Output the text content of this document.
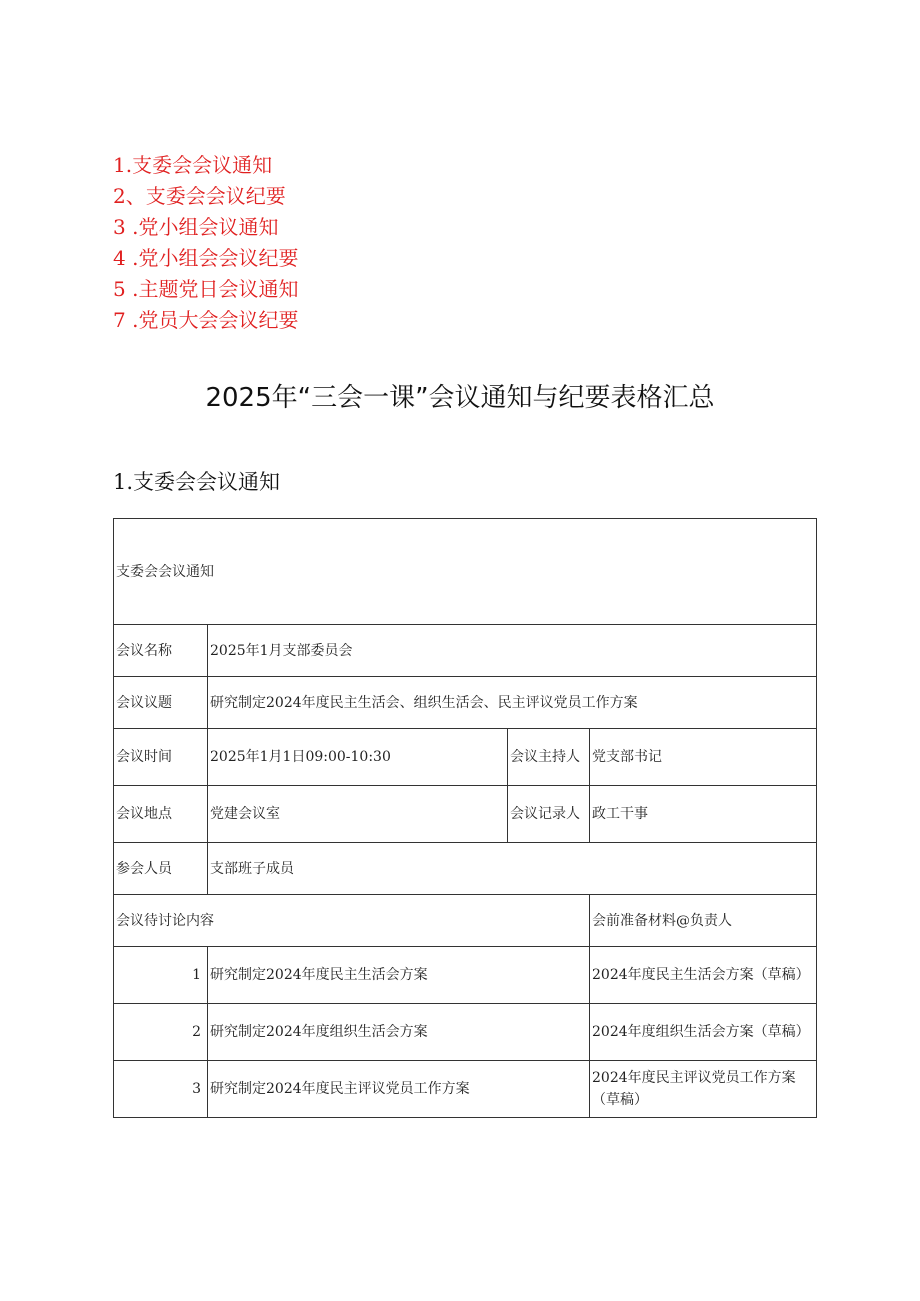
1.支委会会议通知
2、支委会会议纪要
3 .党小组会议通知
4 .党小组会会议纪要
5 .主题党日会议通知
7 .党员大会会议纪要
2025年“三会一课”会议通知与纪要表格汇总
1.支委会会议通知
支委会会议通知			
会议名称	2025年1月支部委员会		
会议议题	研究制定2024年度民主生活会、组织生活会、民主评议党员工作方案		
会议时间	2025年1月1日09:00-10:30	会议主持人	党支部书记
会议地点	党建会议室	会议记录人	政工干事
参会人员	支部班子成员		
会议待讨论内容			会前准备材料@负责人
1	研究制定2024年度民主生活会方案		2024年度民主生活会方案（草稿）
2	研究制定2024年度组织生活会方案		2024年度组织生活会方案（草稿）
3	研究制定2024年度民主评议党员工作方案		2024年度民主评议党员工作方案（草稿）
